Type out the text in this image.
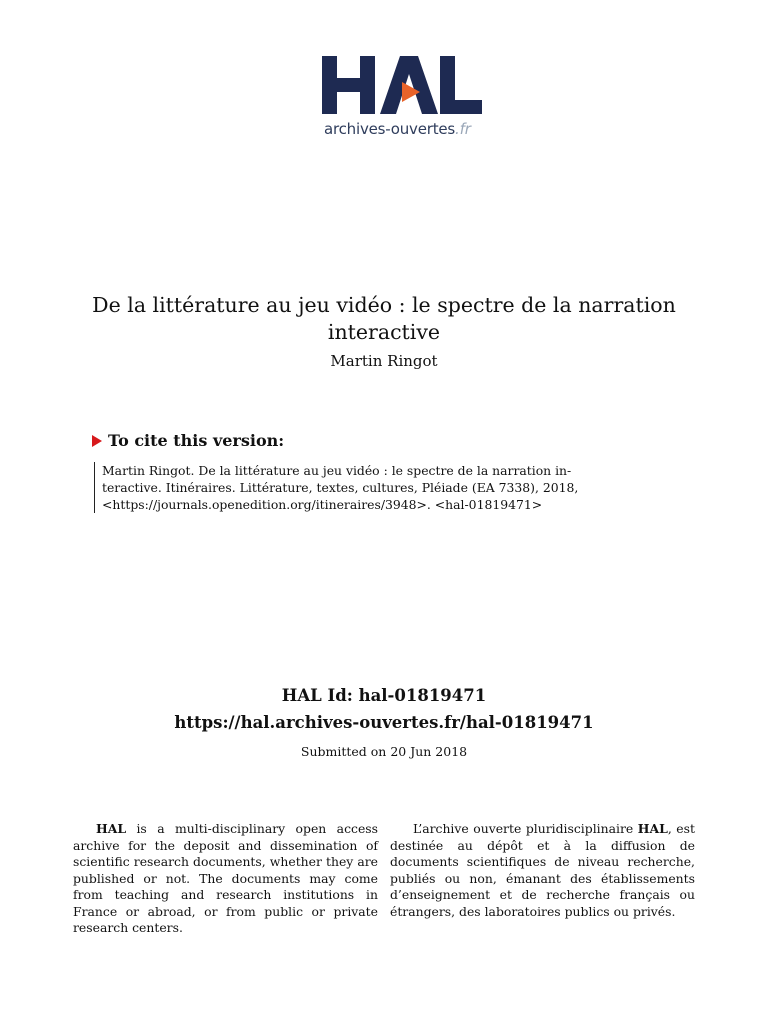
archives-ouvertes.fr
De la littérature au jeu vidéo : le spectre de la narration interactive
Martin Ringot
To cite this version:
Martin Ringot. De la littérature au jeu vidéo : le spectre de la narration in-
teractive. Itinéraires. Littérature, textes, cultures, Pléiade (EA 7338), 2018,
<https://journals.openedition.org/itineraires/3948>. <hal-01819471>
HAL Id: hal-01819471
https://hal.archives-ouvertes.fr/hal-01819471
Submitted on 20 Jun 2018
HAL is a multi-disciplinary open access archive for the deposit and dissemination of scientific research documents, whether they are published or not. The documents may come from teaching and research institutions in France or abroad, or from public or private research centers.
L’archive ouverte pluridisciplinaire HAL, est destinée au dépôt et à la diffusion de documents scientifiques de niveau recherche, publiés ou non, émanant des établissements d’enseignement et de recherche français ou étrangers, des laboratoires publics ou privés.
